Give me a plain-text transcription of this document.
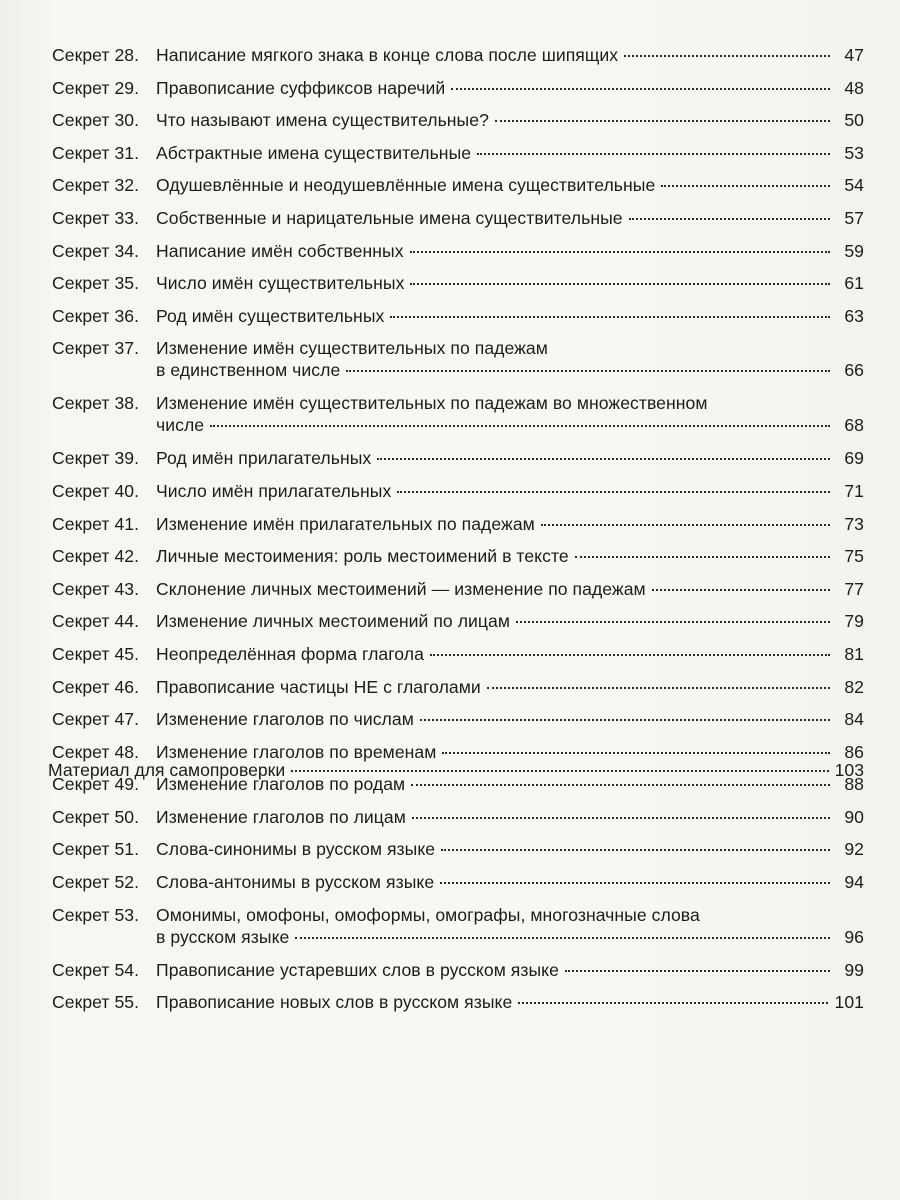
Секрет 28. Написание мягкого знака в конце слова после шипящих	47
Секрет 29. Правописание суффиксов наречий	48
Секрет 30. Что называют имена существительные?	50
Секрет 31. Абстрактные имена существительные	53
Секрет 32. Одушевлённые и неодушевлённые имена существительные	54
Секрет 33. Собственные и нарицательные имена существительные	57
Секрет 34. Написание имён собственных	59
Секрет 35. Число имён существительных	61
Секрет 36. Род имён существительных	63
Секрет 37. Изменение имён существительных по падежам
в единственном числе	66
Секрет 38. Изменение имён существительных по падежам во множественном
числе	68
Секрет 39. Род имён прилагательных	69
Секрет 40. Число имён прилагательных	71
Секрет 41. Изменение имён прилагательных по падежам	73
Секрет 42. Личные местоимения: роль местоимений в тексте	75
Секрет 43. Склонение личных местоимений — изменение по падежам	77
Секрет 44. Изменение личных местоимений по лицам	79
Секрет 45. Неопределённая форма глагола	81
Секрет 46. Правописание частицы НЕ с глаголами	82
Секрет 47. Изменение глаголов по числам	84
Секрет 48. Изменение глаголов по временам	86
Секрет 49. Изменение глаголов по родам	88
Секрет 50. Изменение глаголов по лицам	90
Секрет 51. Слова-синонимы в русском языке	92
Секрет 52. Слова-антонимы в русском языке	94
Секрет 53. Омонимы, омофоны, омоформы, омографы, многозначные слова
в русском языке	96
Секрет 54. Правописание устаревших слов в русском языке	99
Секрет 55. Правописание новых слов в русском языке	101
Материал для самопроверки	103
